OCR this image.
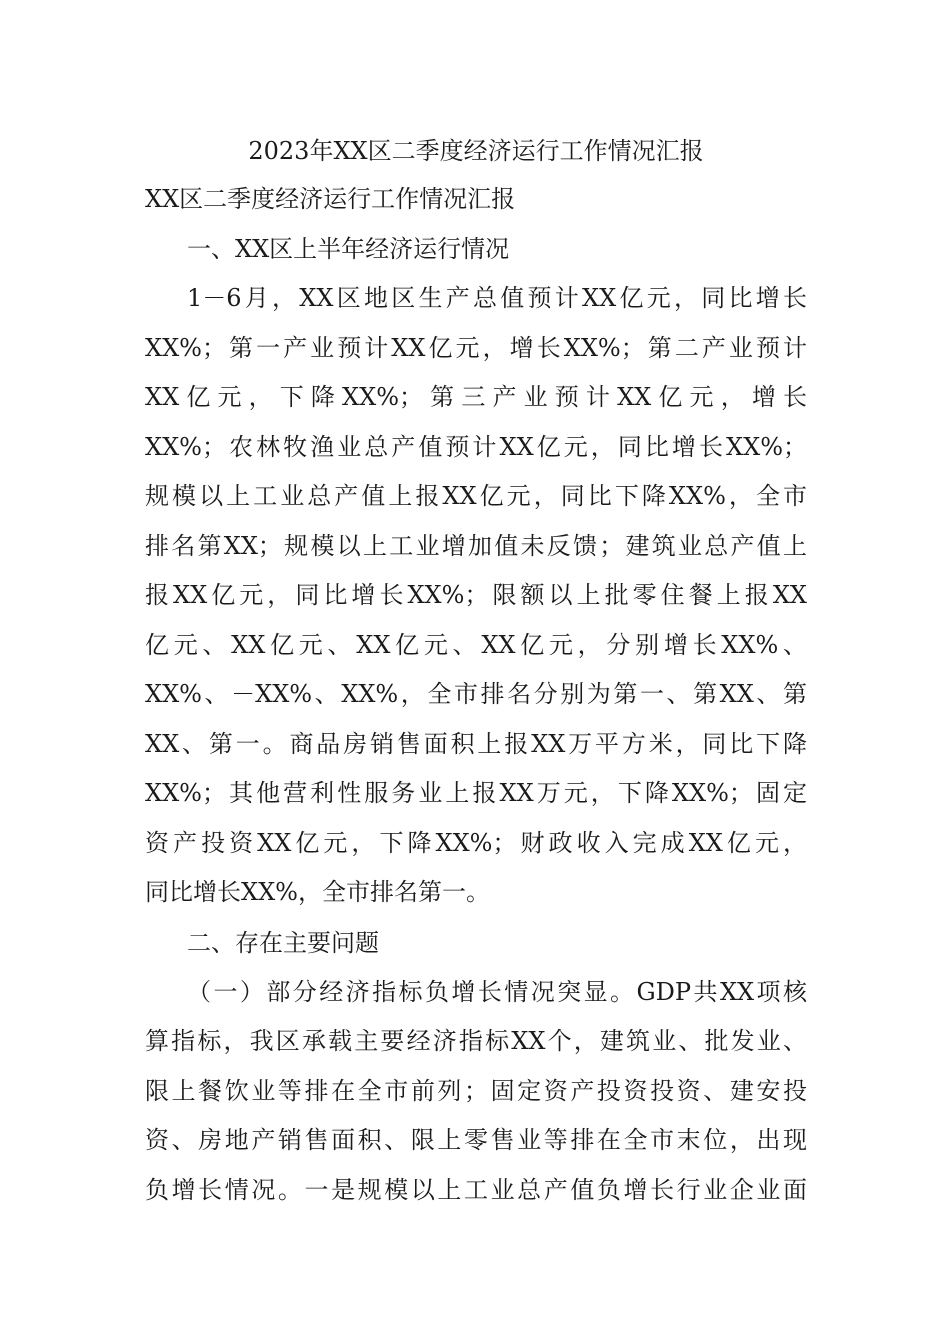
2023年XX区二季度经济运行工作情况汇报
XX区二季度经济运行工作情况汇报

一、XX区上半年经济运行情况

1－6月，XX区地区生产总值预计XX亿元，同比增长
XX%；第一产业预计XX亿元，增长XX%；第二产业预计
XX亿元，下降XX%；第三产业预计XX亿元，增长
XX%；农林牧渔业总产值预计XX亿元，同比增长XX%；
规模以上工业总产值上报XX亿元，同比下降XX%，全市
排名第XX；规模以上工业增加值未反馈；建筑业总产值上
报XX亿元，同比增长XX%；限额以上批零住餐上报XX
亿元、XX亿元、XX亿元、XX亿元，分别增长XX%、
XX%、－XX%、XX%，全市排名分别为第一、第XX、第
XX、第一。商品房销售面积上报XX万平方米，同比下降
XX%；其他营利性服务业上报XX万元，下降XX%；固定
资产投资XX亿元，下降XX%；财政收入完成XX亿元，
同比增长XX%，全市排名第一。

二、存在主要问题

（一）部分经济指标负增长情况突显。GDP共XX项核
算指标，我区承载主要经济指标XX个，建筑业、批发业、
限上餐饮业等排在全市前列；固定资产投资投资、建安投
资、房地产销售面积、限上零售业等排在全市末位，出现
负增长情况。一是规模以上工业总产值负增长行业企业面
